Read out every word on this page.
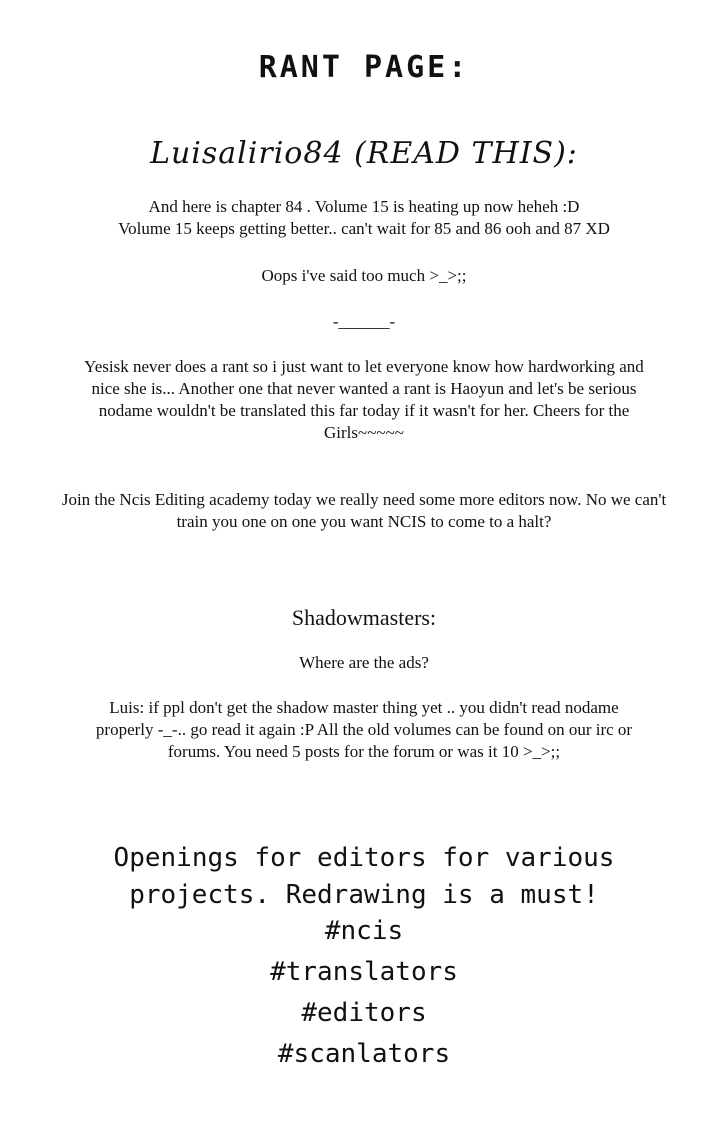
RANT PAGE:
Luisalirio84 (READ THIS):
And here is chapter 84 . Volume 15 is heating up now heheh :D
Volume 15 keeps getting better.. can't wait for 85 and 86 ooh and 87 XD
Oops i've said too much >_>;;
-______-
Yesisk never does a rant so i just want to let everyone know how hardworking and nice she is... Another one that never wanted a rant is Haoyun and let's be serious nodame wouldn't be translated this far today if it wasn't for her. Cheers for the Girls~~~~~
Join the Ncis Editing academy today we really need some more editors now. No we can't train you one on one you want NCIS to come to a halt?
Shadowmasters:
Where are the ads?
Luis: if ppl don't get the shadow master thing yet .. you didn't read nodame properly -_-.. go read it again :P All the old volumes can be found on our irc or forums. You need 5 posts for the forum or was it 10 >_>;;
Openings for editors for various projects. Redrawing is a must!
#ncis
#translators
#editors
#scanlators
